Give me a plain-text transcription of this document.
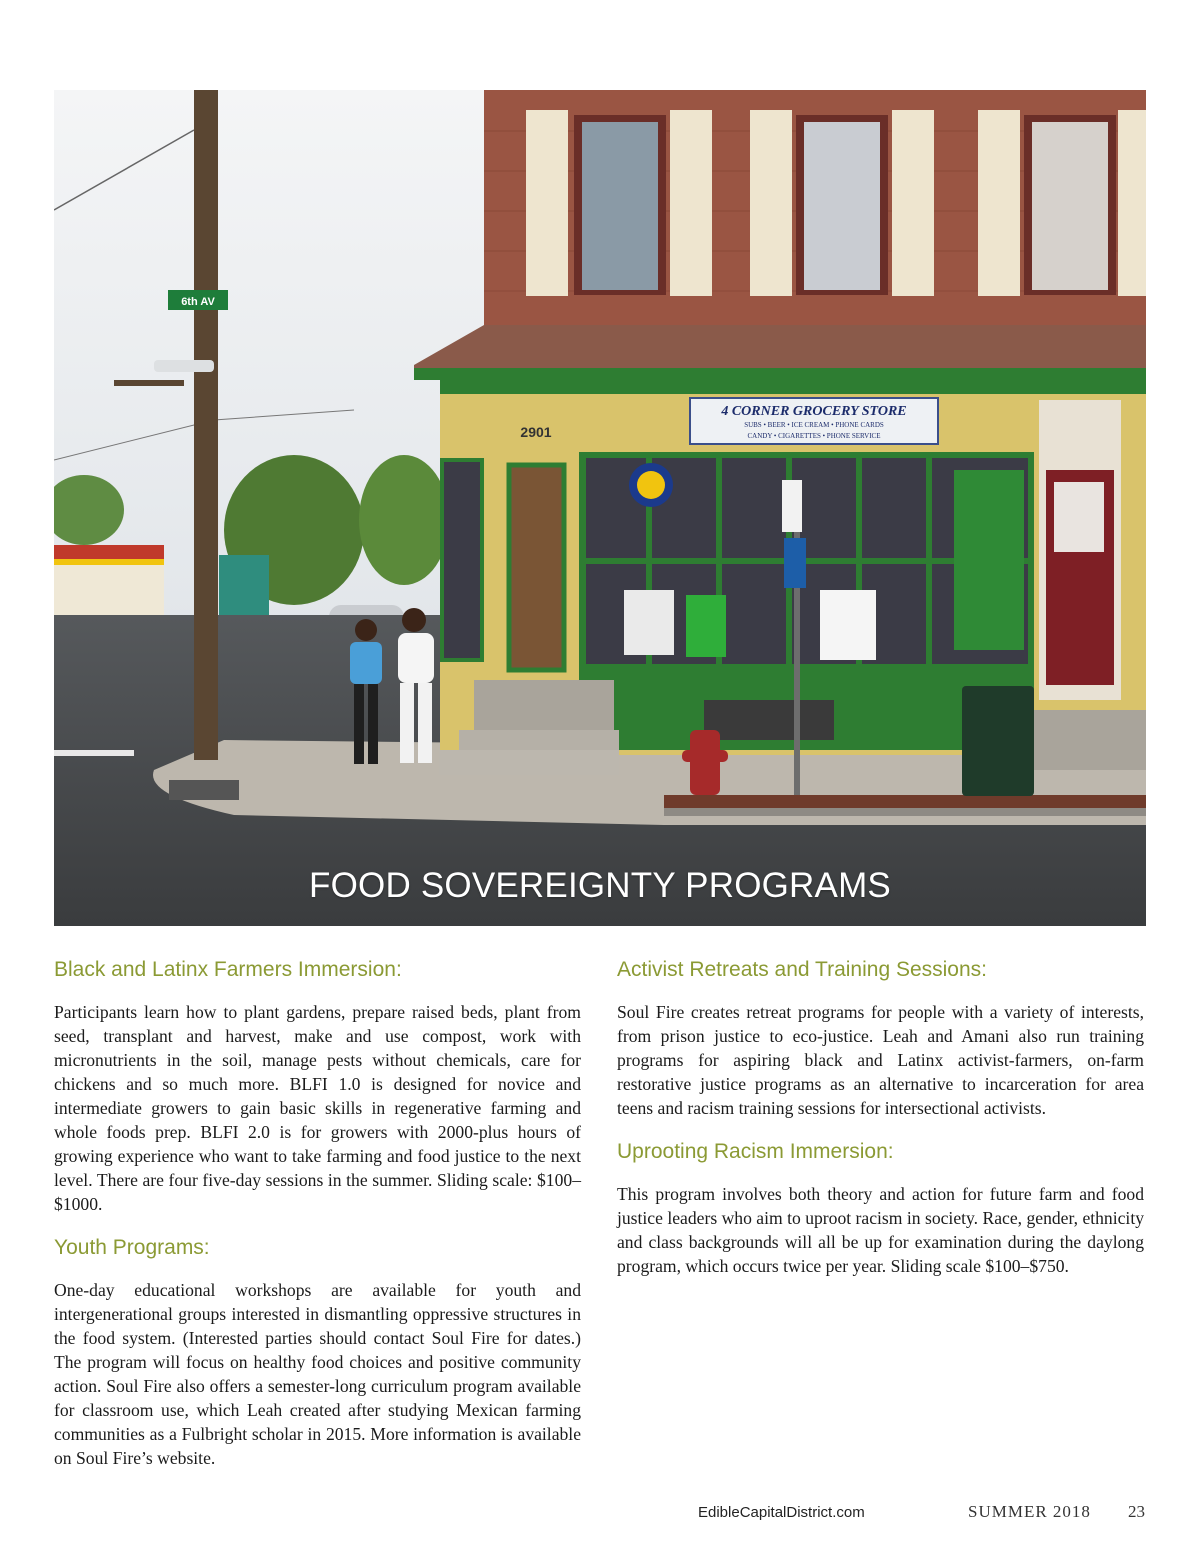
6th AV
4 CORNER GROCERY STORE
SUBS • BEER • ICE CREAM • PHONE CARDS
CANDY • CIGARETTES • PHONE SERVICE
2901
FOOD SOVEREIGNTY PROGRAMS
Black and Latinx Farmers Immersion:

Participants learn how to plant gardens, prepare raised beds, plant from seed, transplant and harvest, make and use compost, work with micronutrients in the soil, manage pests without chemicals, care for chickens and so much more. BLFI 1.0 is designed for novice and intermediate growers to gain basic skills in regenerative farming and whole foods prep. BLFI 2.0 is for growers with 2000-plus hours of growing experience who want to take farming and food justice to the next level. There are four five-day sessions in the summer. Sliding scale: $100–$1000.

Youth Programs:

One-day educational workshops are available for youth and intergenerational groups interested in dismantling oppressive structures in the food system. (Interested parties should contact Soul Fire for dates.) The program will focus on healthy food choices and positive community action. Soul Fire also offers a semester-long curriculum program available for classroom use, which Leah created after studying Mexican farming communities as a Fulbright scholar in 2015. More information is available on Soul Fire’s website.

Activist Retreats and Training Sessions:

Soul Fire creates retreat programs for people with a variety of interests, from prison justice to eco-justice. Leah and Amani also run training programs for aspiring black and Latinx activist-farmers, on-farm restorative justice programs as an alternative to incarceration for area teens and racism training sessions for intersectional activists.

Uprooting Racism Immersion:

This program involves both theory and action for future farm and food justice leaders who aim to uproot racism in society. Race, gender, ethnicity and class backgrounds will all be up for examination during the daylong program, which occurs twice per year. Sliding scale $100–$750.

EdibleCapitalDistrict.com	SUMMER 2018 23
